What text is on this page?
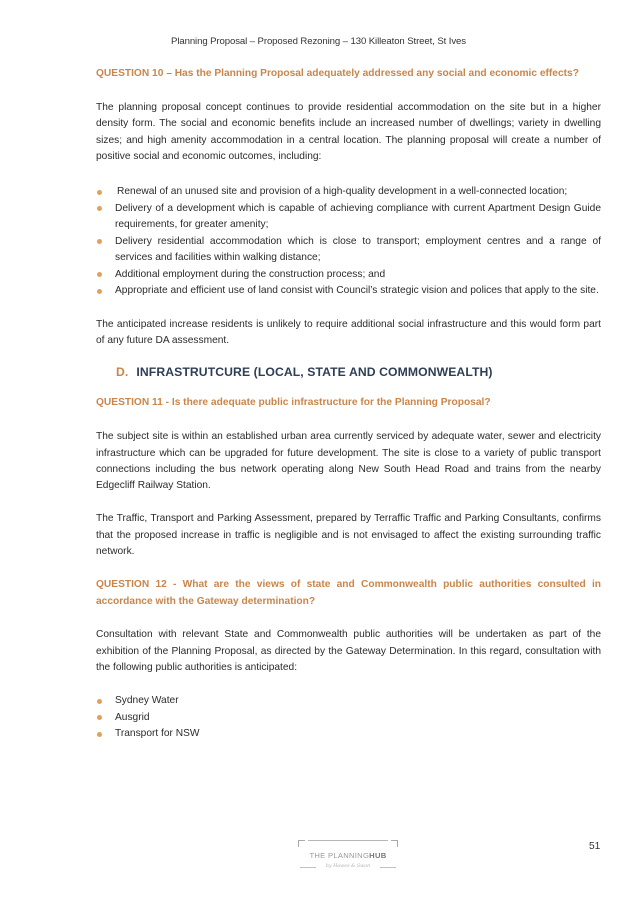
Planning Proposal – Proposed Rezoning – 130 Killeaton Street, St Ives

QUESTION 10 – Has the Planning Proposal adequately addressed any social and economic effects?

The planning proposal concept continues to provide residential accommodation on the site but in a higher density form. The social and economic benefits include an increased number of dwellings; variety in dwelling sizes; and high amenity accommodation in a central location. The planning proposal will create a number of positive social and economic outcomes, including:

Renewal of an unused site and provision of a high-quality development in a well-connected location;
Delivery of a development which is capable of achieving compliance with current Apartment Design Guide requirements, for greater amenity;
Delivery residential accommodation which is close to transport; employment centres and a range of services and facilities within walking distance;
Additional employment during the construction process; and
Appropriate and efficient use of land consist with Council’s strategic vision and polices that apply to the site.

The anticipated increase residents is unlikely to require additional social infrastructure and this would form part of any future DA assessment.

D. INFRASTRUTCURE (LOCAL, STATE AND COMMONWEALTH)

QUESTION 11 - Is there adequate public infrastructure for the Planning Proposal?

The subject site is within an established urban area currently serviced by adequate water, sewer and electricity infrastructure which can be upgraded for future development. The site is close to a variety of public transport connections including the bus network operating along New South Head Road and trains from the nearby Edgecliff Railway Station.

The Traffic, Transport and Parking Assessment, prepared by Terraffic Traffic and Parking Consultants, confirms that the proposed increase in traffic is negligible and is not envisaged to affect the existing surrounding traffic network.

QUESTION 12 - What are the views of state and Commonwealth public authorities consulted in accordance with the Gateway determination?

Consultation with relevant State and Commonwealth public authorities will be undertaken as part of the exhibition of the Planning Proposal, as directed by the Gateway Determination. In this regard, consultation with the following public authorities is anticipated:

Sydney Water
Ausgrid
Transport for NSW
THE PLANNINGHUB
by Hawes & Swan
51
